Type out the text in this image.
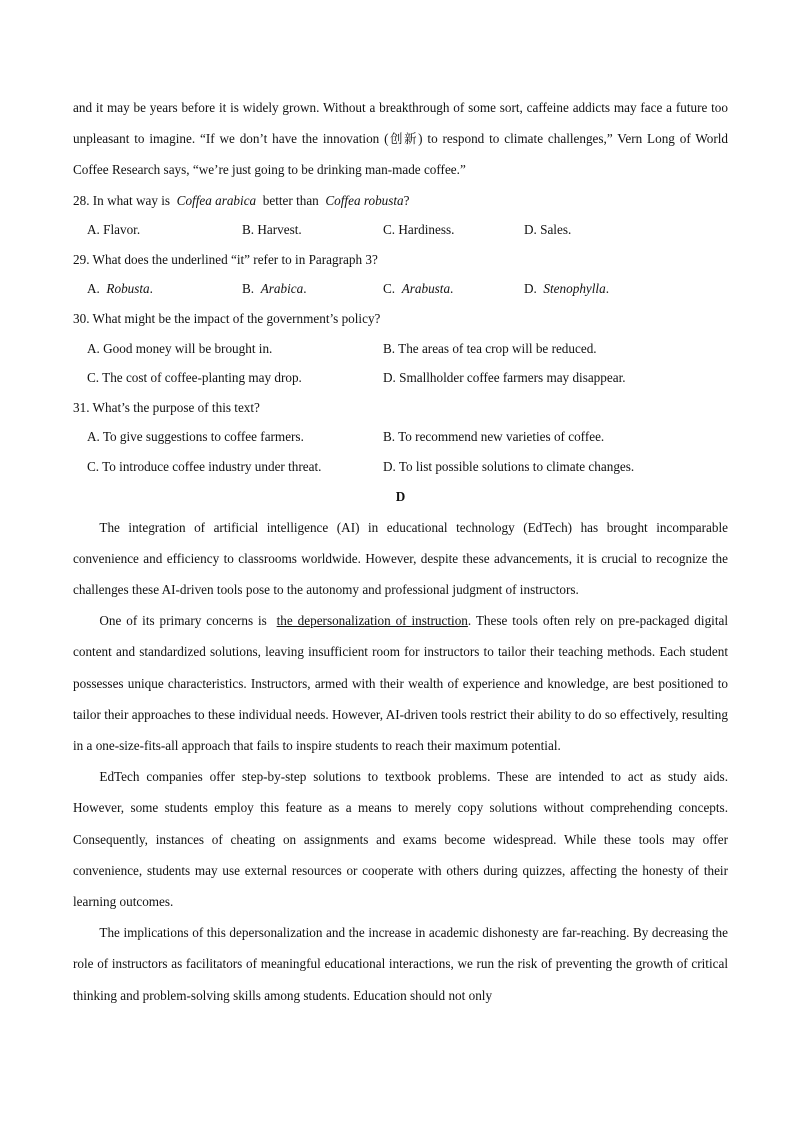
and it may be years before it is widely grown. Without a breakthrough of some sort, caffeine addicts may face a future too unpleasant to imagine. “If we don’t have the innovation (创新) to respond to climate challenges,” Vern Long of World Coffee Research says, “we’re just going to be drinking man-made coffee.”

28. In what way is Coffea arabica better than Coffea robusta?
A. Flavor.	B. Harvest.	C. Hardiness.	D. Sales.
29. What does the underlined “it” refer to in Paragraph 3?
A. Robusta.	B. Arabica.	C. Arabusta.	D. Stenophylla.
30. What might be the impact of the government’s policy?
A. Good money will be brought in.	B. The areas of tea crop will be reduced.
C. The cost of coffee-planting may drop.	D. Smallholder coffee farmers may disappear.
31. What’s the purpose of this text?
A. To give suggestions to coffee farmers.	B. To recommend new varieties of coffee.
C. To introduce coffee industry under threat.	D. To list possible solutions to climate changes.
D

The integration of artificial intelligence (AI) in educational technology (EdTech) has brought incomparable convenience and efficiency to classrooms worldwide. However, despite these advancements, it is crucial to recognize the challenges these AI-driven tools pose to the autonomy and professional judgment of instructors.

One of its primary concerns is the depersonalization of instruction. These tools often rely on pre-packaged digital content and standardized solutions, leaving insufficient room for instructors to tailor their teaching methods. Each student possesses unique characteristics. Instructors, armed with their wealth of experience and knowledge, are best positioned to tailor their approaches to these individual needs. However, AI-driven tools restrict their ability to do so effectively, resulting in a one-size-fits-all approach that fails to inspire students to reach their maximum potential.

EdTech companies offer step-by-step solutions to textbook problems. These are intended to act as study aids. However, some students employ this feature as a means to merely copy solutions without comprehending concepts. Consequently, instances of cheating on assignments and exams become widespread. While these tools may offer convenience, students may use external resources or cooperate with others during quizzes, affecting the honesty of their learning outcomes.

The implications of this depersonalization and the increase in academic dishonesty are far-reaching. By decreasing the role of instructors as facilitators of meaningful educational interactions, we run the risk of preventing the growth of critical thinking and problem-solving skills among students. Education should not only
